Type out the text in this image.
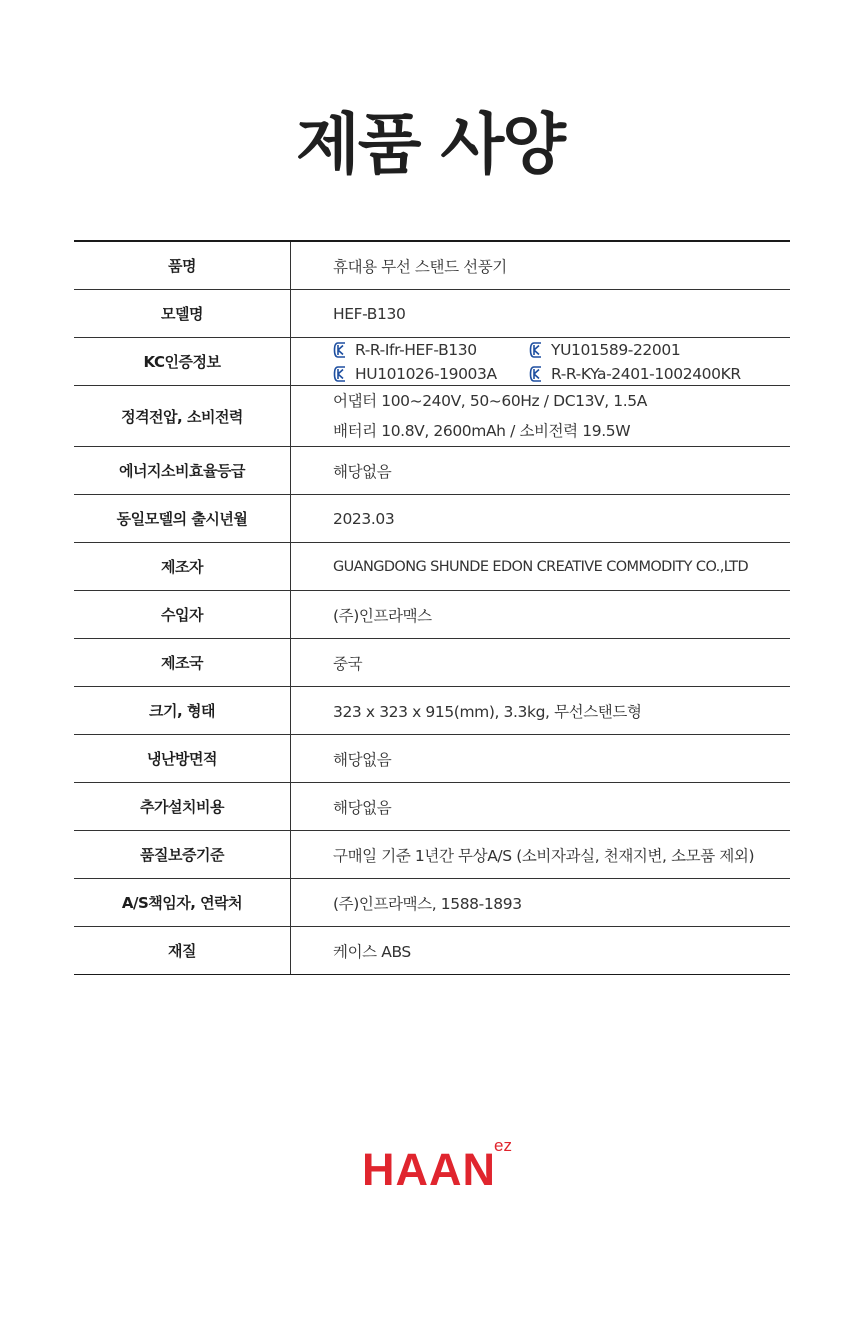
제품 사양
품명	휴대용 무선 스탠드 선풍기
모델명	HEF-B130
KC인증정보	R-R-Ifr-HEF-B130 YU101589-22001
HU101026-19003A R-R-KYa-2401-1002400KR

정격전압, 소비전력	어댑터 100~240V, 50~60Hz / DC13V, 1.5A
배터리 10.8V, 2600mAh / 소비전력 19.5W

에너지소비효율등급	해당없음
동일모델의 출시년월	2023.03
제조자	GUANGDONG SHUNDE EDON CREATIVE COMMODITY CO.,LTD
수입자	(주)인프라맥스
제조국	중국
크기, 형태	323 x 323 x 915(mm), 3.3kg, 무선스탠드형
냉난방면적	해당없음
추가설치비용	해당없음
품질보증기준	구매일 기준 1년간 무상A/S (소비자과실, 천재지변, 소모품 제외)
A/S책임자, 연락처	(주)인프라맥스, 1588-1893
재질	케이스 ABS
HAAN
ez
